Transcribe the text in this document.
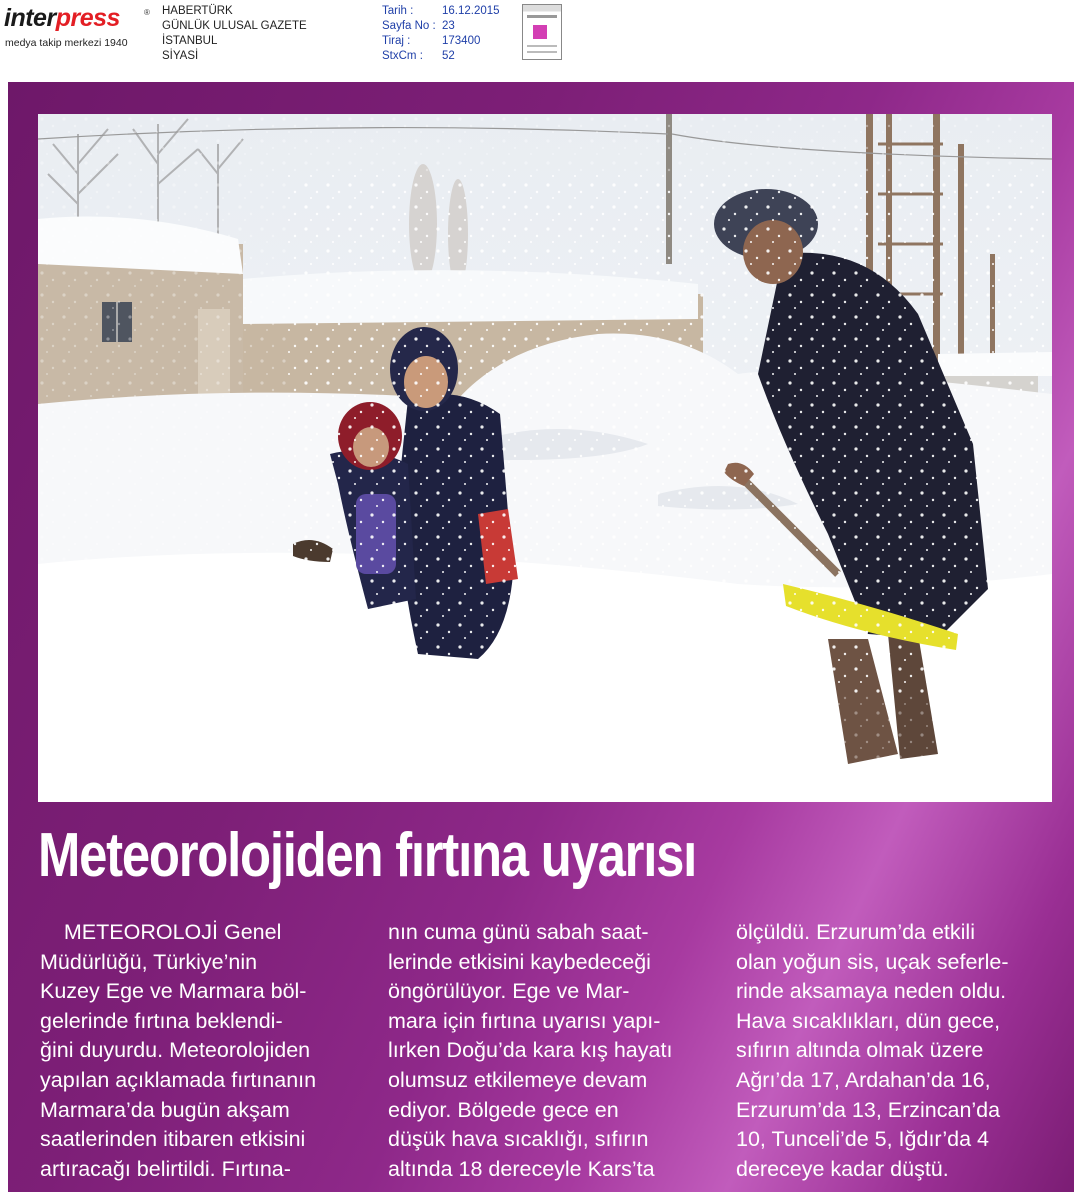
interpress	®
medya takip merkezi 1940
HABERTÜRK
GÜNLÜK ULUSAL GAZETE
İSTANBUL
SİYASİ
Tarih :	16.12.2015
Sayfa No : 23
Tiraj :	173400
StxCm :	52
Meteorolojiden fırtına uyarısı
METEOROLOJİ Genel
Müdürlüğü, Türkiye’nin
Kuzey Ege ve Marmara böl-
gelerinde fırtına beklendi-
ğini duyurdu. Meteorolojiden
yapılan açıklamada fırtınanın
Marmara’da bugün akşam
saatlerinden itibaren etkisini
artıracağı belirtildi. Fırtına-
nın cuma günü sabah saat-
lerinde etkisini kaybedeceği
öngörülüyor. Ege ve Mar-
mara için fırtına uyarısı yapı-
lırken Doğu’da kara kış hayatı
olumsuz etkilemeye devam
ediyor. Bölgede gece en
düşük hava sıcaklığı, sıfırın
altında 18 dereceyle Kars’ta
ölçüldü. Erzurum’da etkili
olan yoğun sis, uçak seferle-
rinde aksamaya neden oldu.
Hava sıcaklıkları, dün gece,
sıfırın altında olmak üzere
Ağrı’da 17, Ardahan’da 16,
Erzurum’da 13, Erzincan’da
10, Tunceli’de 5, Iğdır’da 4
dereceye kadar düştü.
